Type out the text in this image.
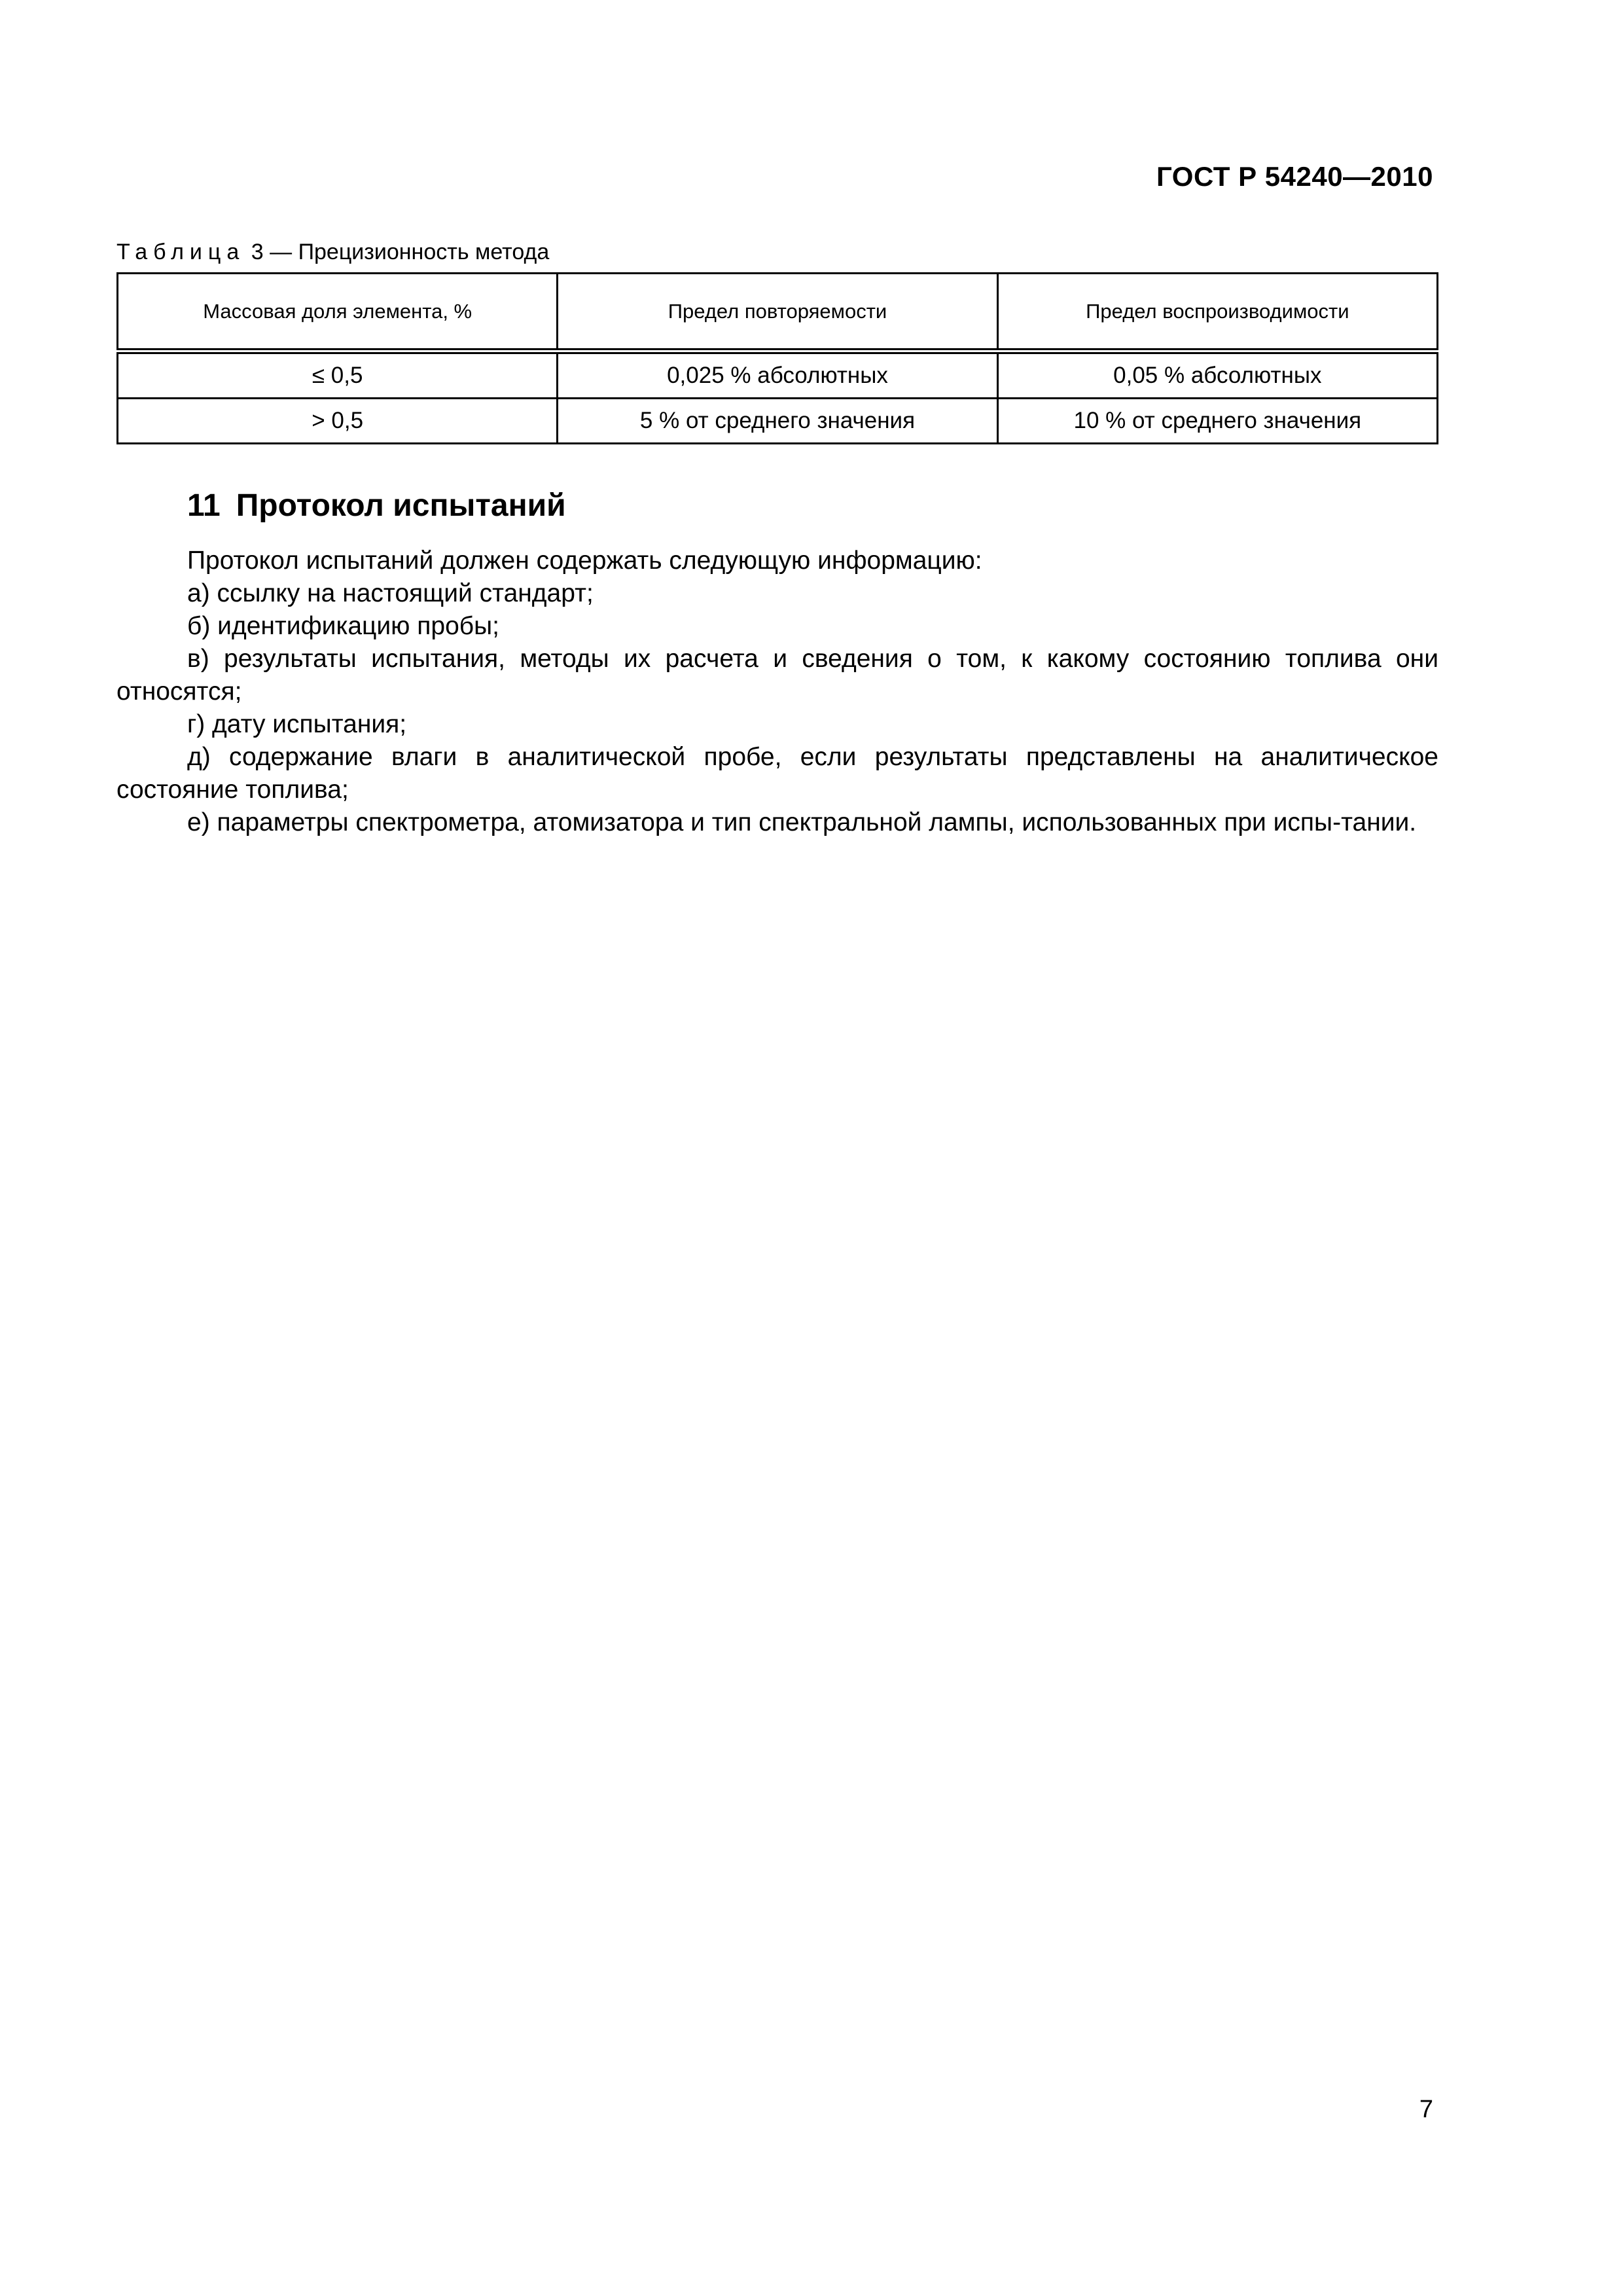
ГОСТ Р 54240—2010
Таблица 3 — Прецизионность метода
Массовая доля элемента, %	Предел повторяемости	Предел воспроизводимости
≤ 0,5	0,025 % абсолютных	0,05 % абсолютных
> 0,5	5 % от среднего значения	10 % от среднего значения
11 Протокол испытаний

Протокол испытаний должен содержать следующую информацию:

а) ссылку на настоящий стандарт;

б) идентификацию пробы;

в) результаты испытания, методы их расчета и сведения о том, к какому состоянию топлива они относятся;

г) дату испытания;

д) содержание влаги в аналитической пробе, если результаты представлены на аналитическое состояние топлива;

е) параметры спектрометра, атомизатора и тип спектральной лампы, использованных при испы-тании.

7
